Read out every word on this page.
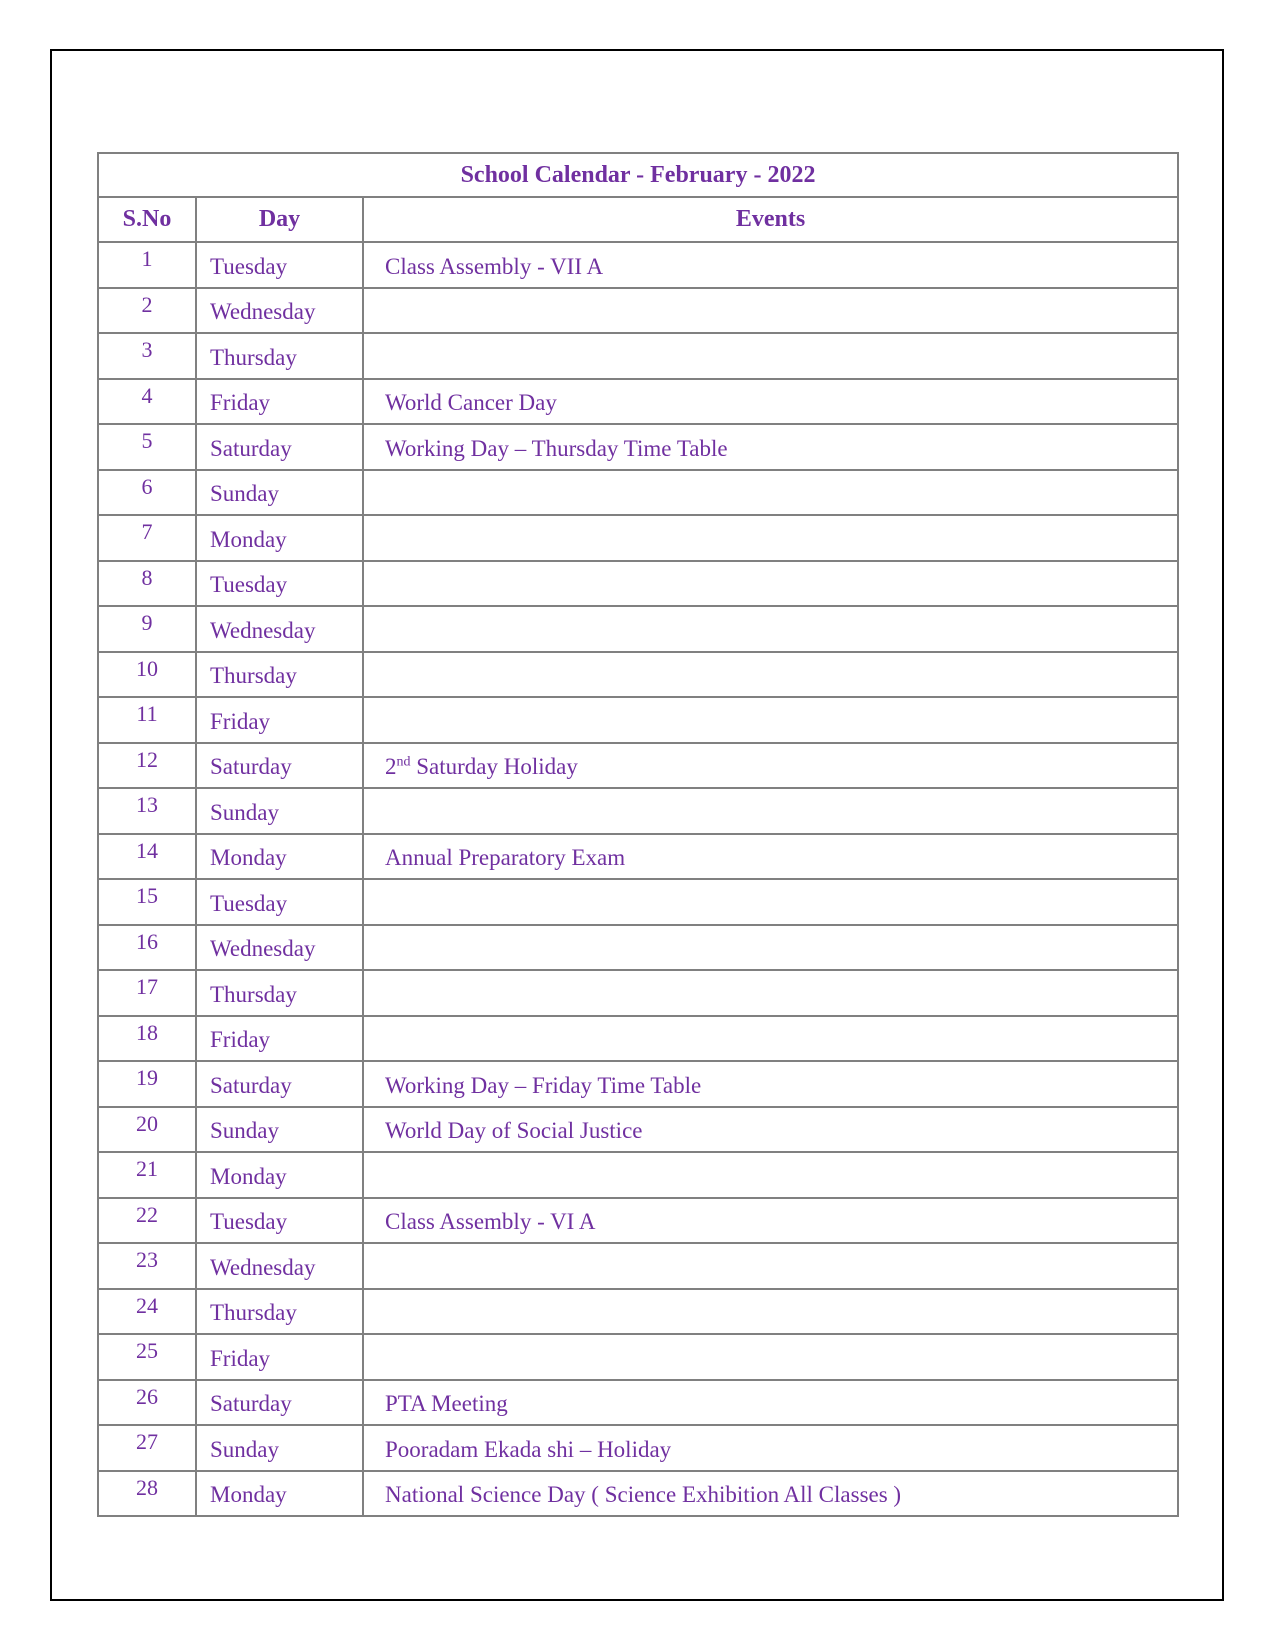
School Calendar - February - 2022		
S.No	Day	Events
1	Tuesday	Class Assembly - VII A
2	Wednesday	
3	Thursday	
4	Friday	World Cancer Day
5	Saturday	Working Day – Thursday Time Table
6	Sunday	
7	Monday	
8	Tuesday	
9	Wednesday	
10	Thursday	
11	Friday	
12	Saturday	2nd Saturday Holiday
13	Sunday	
14	Monday	Annual Preparatory Exam
15	Tuesday	
16	Wednesday	
17	Thursday	
18	Friday	
19	Saturday	Working Day – Friday Time Table
20	Sunday	World Day of Social Justice
21	Monday	
22	Tuesday	Class Assembly - VI A
23	Wednesday	
24	Thursday	
25	Friday	
26	Saturday	PTA Meeting
27	Sunday	Pooradam Ekada shi – Holiday
28	Monday	National Science Day ( Science Exhibition All Classes )
